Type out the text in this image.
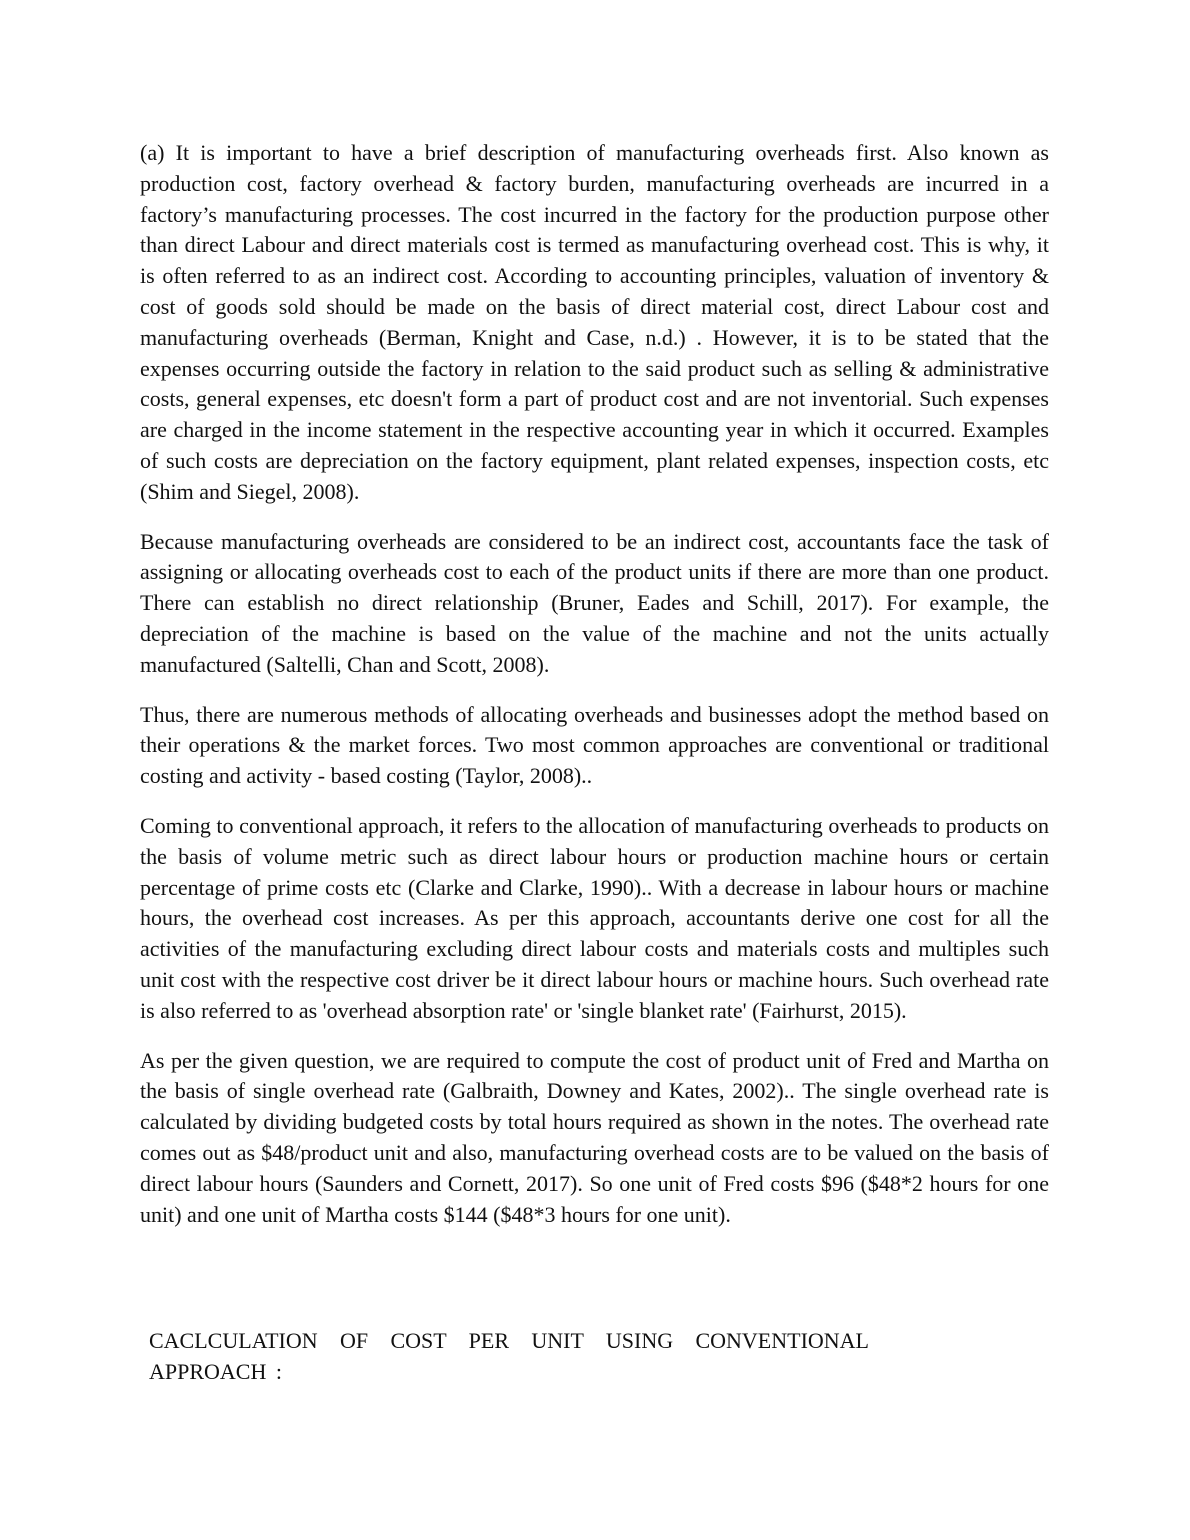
(a) It is important to have a brief description of manufacturing overheads first. Also known as production cost, factory overhead & factory burden, manufacturing overheads are incurred in a factory’s manufacturing processes. The cost incurred in the factory for the production purpose other than direct Labour and direct materials cost is termed as manufacturing overhead cost. This is why, it is often referred to as an indirect cost. According to accounting principles, valuation of inventory & cost of goods sold should be made on the basis of direct material cost, direct Labour cost and manufacturing overheads (Berman, Knight and Case, n.d.) . However, it is to be stated that the expenses occurring outside the factory in relation to the said product such as selling & administrative costs, general expenses, etc doesn't form a part of product cost and are not inventorial. Such expenses are charged in the income statement in the respective accounting year in which it occurred. Examples of such costs are depreciation on the factory equipment, plant related expenses, inspection costs, etc (Shim and Siegel, 2008).

Because manufacturing overheads are considered to be an indirect cost, accountants face the task of assigning or allocating overheads cost to each of the product units if there are more than one product. There can establish no direct relationship (Bruner, Eades and Schill, 2017). For example, the depreciation of the machine is based on the value of the machine and not the units actually manufactured (Saltelli, Chan and Scott, 2008).

Thus, there are numerous methods of allocating overheads and businesses adopt the method based on their operations & the market forces. Two most common approaches are conventional or traditional costing and activity - based costing (Taylor, 2008)..

Coming to conventional approach, it refers to the allocation of manufacturing overheads to products on the basis of volume metric such as direct labour hours or production machine hours or certain percentage of prime costs etc (Clarke and Clarke, 1990).. With a decrease in labour hours or machine hours, the overhead cost increases. As per this approach, accountants derive one cost for all the activities of the manufacturing excluding direct labour costs and materials costs and multiples such unit cost with the respective cost driver be it direct labour hours or machine hours. Such overhead rate is also referred to as 'overhead absorption rate' or 'single blanket rate' (Fairhurst, 2015).

As per the given question, we are required to compute the cost of product unit of Fred and Martha on the basis of single overhead rate (Galbraith, Downey and Kates, 2002).. The single overhead rate is calculated by dividing budgeted costs by total hours required as shown in the notes. The overhead rate comes out as $48/product unit and also, manufacturing overhead costs are to be valued on the basis of direct labour hours (Saunders and Cornett, 2017). So one unit of Fred costs $96 ($48*2 hours for one unit) and one unit of Martha costs $144 ($48*3 hours for one unit).

CACLCULATION OF COST PER UNIT USING CONVENTIONAL APPROACH :
